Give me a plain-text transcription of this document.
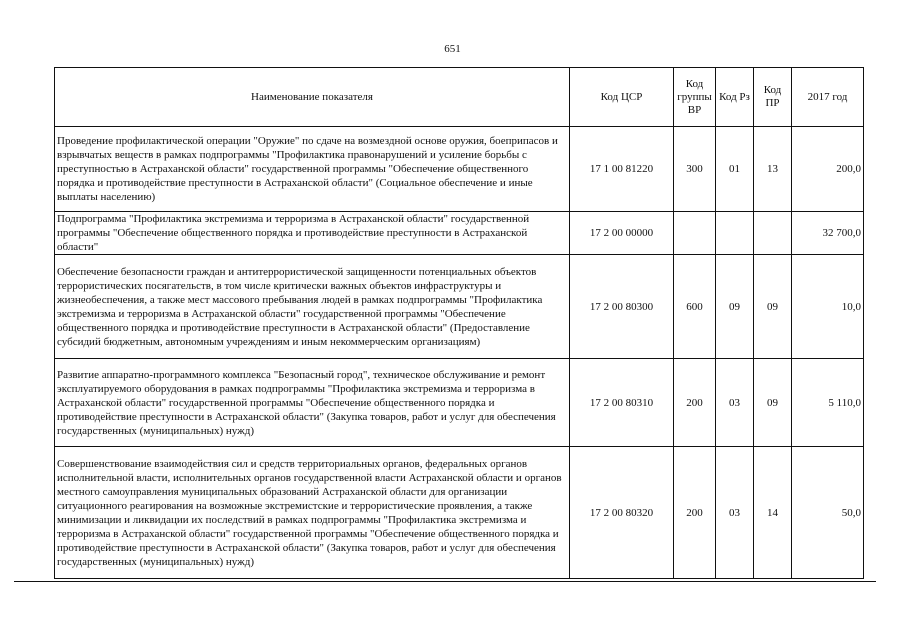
651
Наименование показателя	Код ЦСР	Код группы ВР	Код Рз	Код ПР	2017 год
Проведение профилактической операции "Оружие" по сдаче на возмездной основе оружия, боеприпасов и взрывчатых веществ в рамках подпрограммы "Профилактика правонарушений и усиление борьбы с преступностью в Астраханской области" государственной программы "Обеспечение общественного порядка и противодействие преступности в Астраханской области" (Социальное обеспечение и иные выплаты населению)	17 1 00 81220	300	01	13	200,0
Подпрограмма "Профилактика экстремизма и терроризма в Астраханской области" государственной программы "Обеспечение общественного порядка и противодействие преступности в Астраханской области"	17 2 00 00000				32 700,0
Обеспечение безопасности граждан и антитеррористической защищенности потенциальных объектов террористических посягательств, в том числе критически важных объектов инфраструктуры и жизнеобеспечения, а также мест массового пребывания людей в рамках подпрограммы "Профилактика экстремизма и терроризма в Астраханской области" государственной программы "Обеспечение общественного порядка и противодействие преступности в Астраханской области" (Предоставление субсидий бюджетным, автономным учреждениям и иным некоммерческим организациям)	17 2 00 80300	600	09	09	10,0
Развитие аппаратно-программного комплекса "Безопасный город", техническое обслуживание и ремонт эксплуатируемого оборудования в рамках подпрограммы "Профилактика экстремизма и терроризма в Астраханской области" государственной программы "Обеспечение общественного порядка и противодействие преступности в Астраханской области" (Закупка товаров, работ и услуг для обеспечения государственных (муниципальных) нужд)	17 2 00 80310	200	03	09	5 110,0
Совершенствование взаимодействия сил и средств территориальных органов, федеральных органов исполнительной власти, исполнительных органов государственной власти Астраханской области и органов местного самоуправления муниципальных образований Астраханской области для организации ситуационного реагирования на возможные экстремистские и террористические проявления, а также минимизации и ликвидации их последствий в рамках подпрограммы "Профилактика экстремизма и терроризма в Астраханской области" государственной программы "Обеспечение общественного порядка и противодействие преступности в Астраханской области" (Закупка товаров, работ и услуг для обеспечения государственных (муниципальных) нужд)	17 2 00 80320	200	03	14	50,0
